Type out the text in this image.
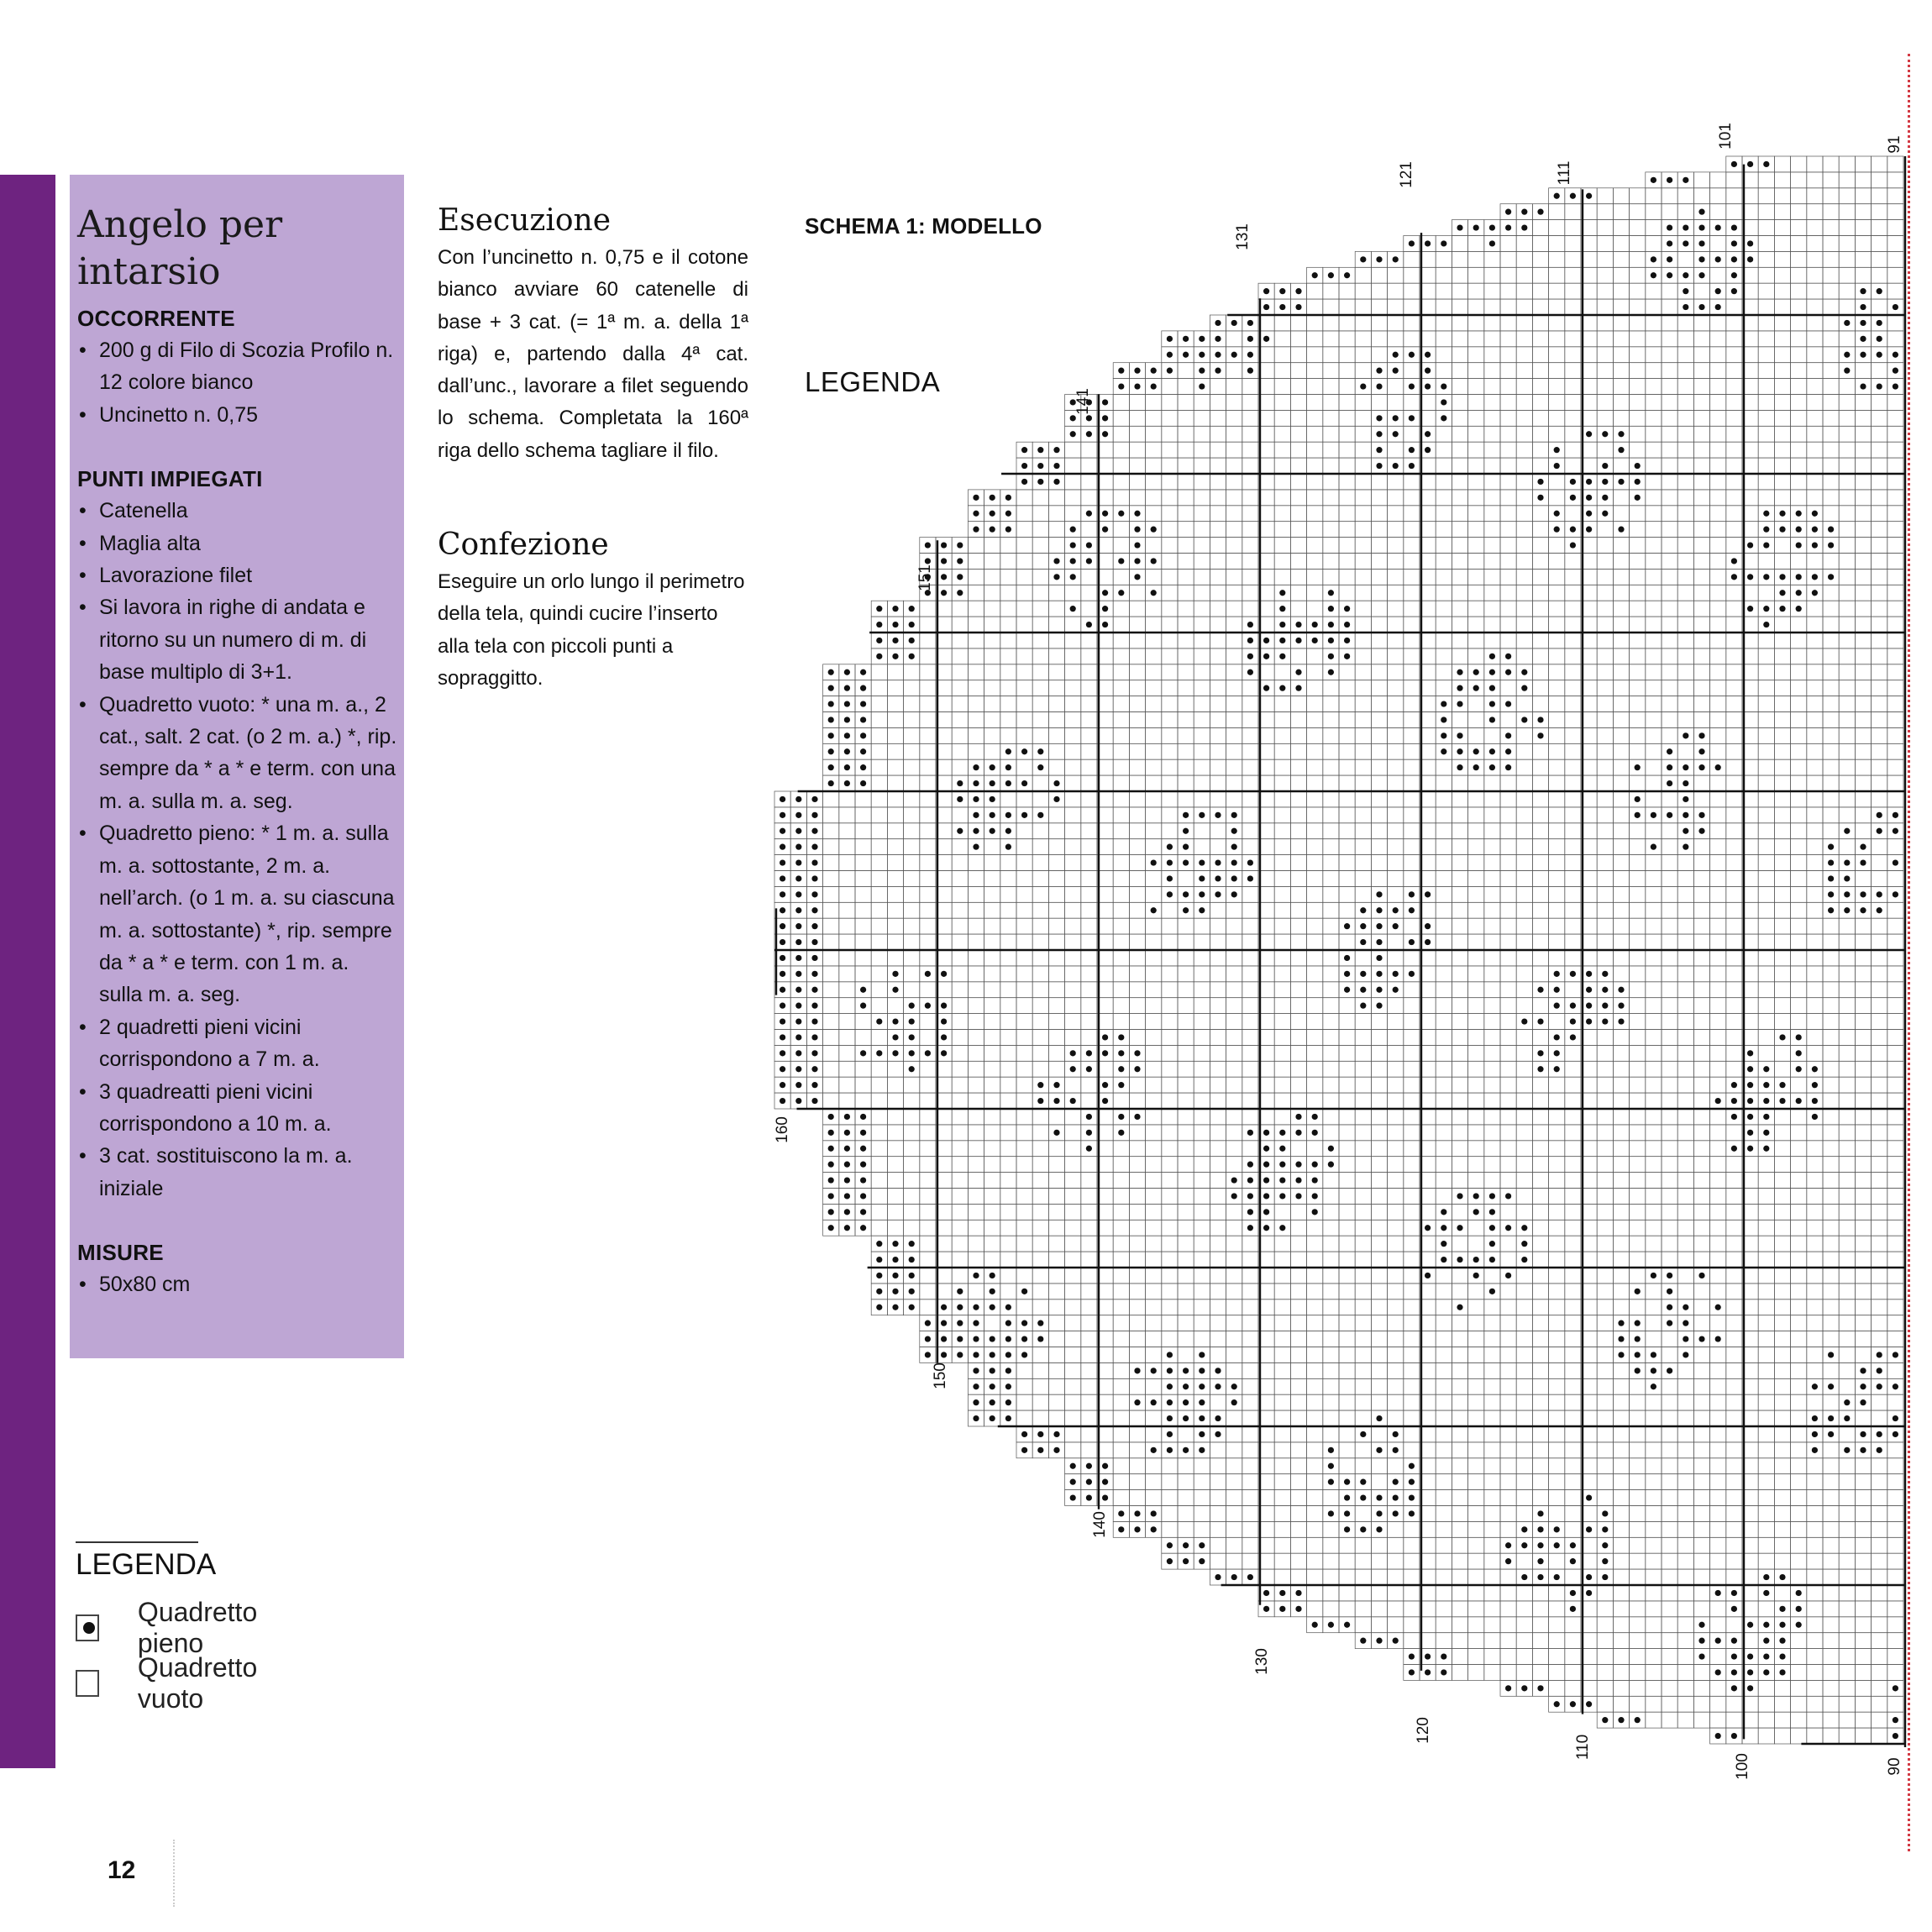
Angelo per
intarsio

OCCORRENTE

• 200 g di Filo di Scozia Profilo n. 12 colore bianco
• Uncinetto n. 0,75

PUNTI IMPIEGATI

• Catenella
• Maglia alta
• Lavorazione filet
• Si lavora in righe di andata e ritorno su un numero di m. di base multiplo di 3+1.
• Quadretto vuoto: * una m. a., 2 cat., salt. 2 cat. (o 2 m. a.) *, rip. sempre da * a * e term. con una m. a. sulla m. a. seg.
• Quadretto pieno: * 1 m. a. sulla m. a. sottostante, 2 m. a. nell’arch. (o 1 m. a. su ciascuna m. a. sottostante) *, rip. sempre da * a * e term. con 1 m. a. sulla m. a. seg.
• 2 quadretti pieni vicini corrispondono a 7 m. a.
• 3 quadreatti pieni vicini corrispondono a 10 m. a.
• 3 cat. sostituiscono la m. a. iniziale

MISURE

• 50x80 cm
Esecuzione

Con l’uncinetto n. 0,75 e il cotone bianco avviare 60 catenelle di base + 3 cat. (= 1ª m. a. della 1ª riga) e, partendo dalla 4ª cat. dall’unc., lavorare a filet seguendo lo schema. Completata la 160ª riga dello schema tagliare il filo.

Confezione

Eseguire un orlo lungo il perimetro della tela, quindi cucire l’inserto alla tela con piccoli punti a sopraggitto.

SCHEMA 1: MODELLO
LEGENDA
91
101
111
121
131
141
151
90
100
110
120
130
140
150
160
LEGENDA
Quadretto pieno
Quadretto vuoto
12
